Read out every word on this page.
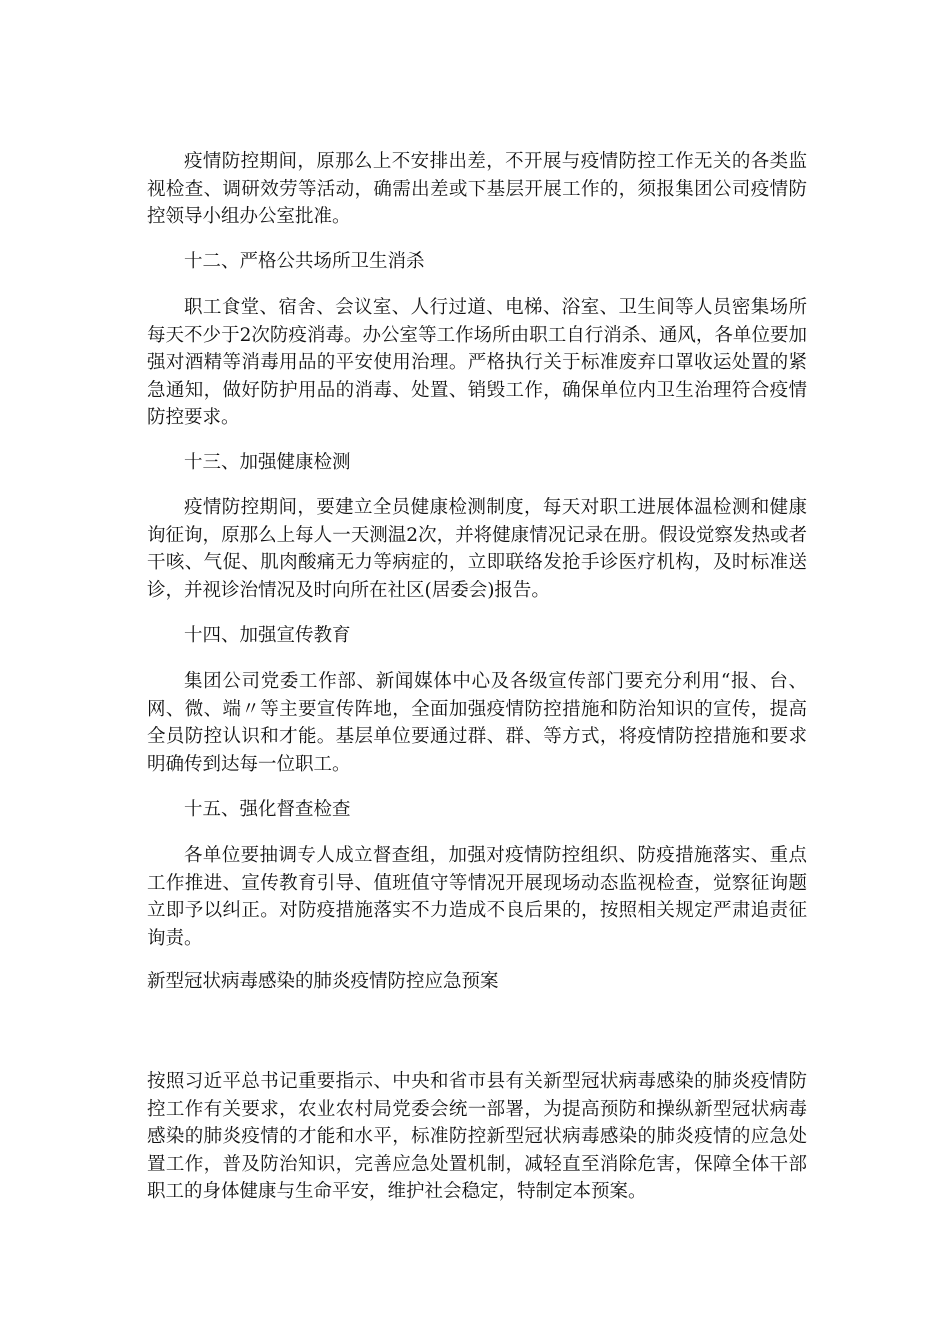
疫情防控期间，原那么上不安排出差，不开展与疫情防控工作无关的各类监视检查、调研效劳等活动，确需出差或下基层开展工作的，须报集团公司疫情防控领导小组办公室批准。

十二、严格公共场所卫生消杀

职工食堂、宿舍、会议室、人行过道、电梯、浴室、卫生间等人员密集场所每天不少于2次防疫消毒。办公室等工作场所由职工自行消杀、通风，各单位要加强对酒精等消毒用品的平安使用治理。严格执行关于标准废弃口罩收运处置的紧急通知，做好防护用品的消毒、处置、销毁工作，确保单位内卫生治理符合疫情防控要求。

十三、加强健康检测

疫情防控期间，要建立全员健康检测制度，每天对职工进展体温检测和健康询征询，原那么上每人一天测温2次，并将健康情况记录在册。假设觉察发热或者干咳、气促、肌肉酸痛无力等病症的，立即联络发抢手诊医疗机构，及时标准送诊，并视诊治情况及时向所在社区(居委会)报告。

十四、加强宣传教育

集团公司党委工作部、新闻媒体中心及各级宣传部门要充分利用“报、台、网、微、端〃等主要宣传阵地，全面加强疫情防控措施和防治知识的宣传，提高全员防控认识和才能。基层单位要通过群、群、等方式，将疫情防控措施和要求明确传到达每一位职工。

十五、强化督查检查

各单位要抽调专人成立督查组，加强对疫情防控组织、防疫措施落实、重点工作推进、宣传教育引导、值班值守等情况开展现场动态监视检查，觉察征询题立即予以纠正。对防疫措施落实不力造成不良后果的，按照相关规定严肃追责征询责。

新型冠状病毒感染的肺炎疫情防控应急预案

按照习近平总书记重要指示、中央和省市县有关新型冠状病毒感染的肺炎疫情防控工作有关要求，农业农村局党委会统一部署，为提高预防和操纵新型冠状病毒感染的肺炎疫情的才能和水平，标准防控新型冠状病毒感染的肺炎疫情的应急处置工作，普及防治知识，完善应急处置机制，减轻直至消除危害，保障全体干部职工的身体健康与生命平安，维护社会稳定，特制定本预案。
